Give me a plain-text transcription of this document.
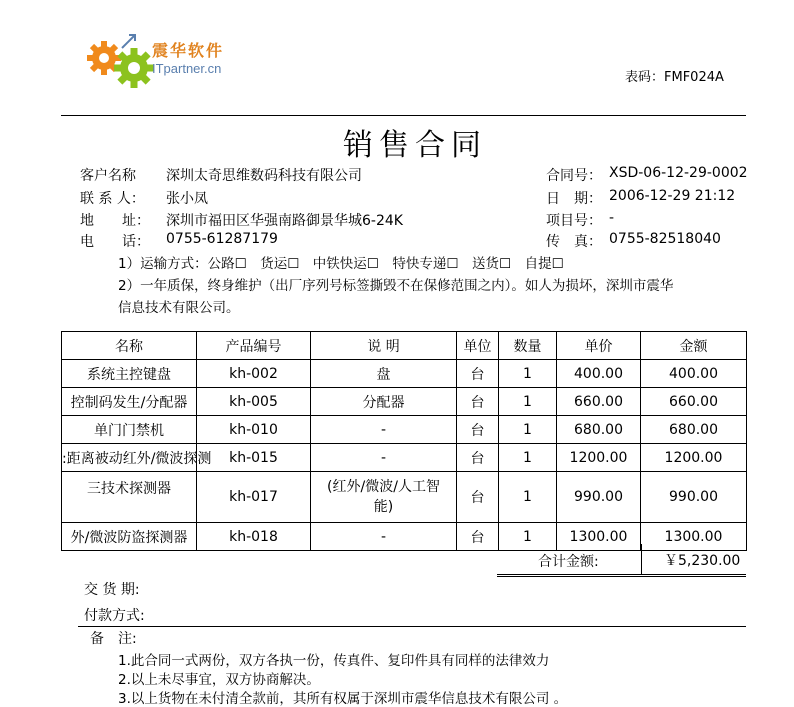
震华软件
ITpartner.cn
表码：FMF024A
销售合同
客户名称 深圳太奇思维数码科技有限公司
联 系 人： 张小凤
地　　址： 深圳市福田区华强南路御景华城6-24K
电　　话： 0755-61287179
合同号： XSD-06-12-29-0002
日　期： 2006-12-29 21:12
项目号： -
传　真： 0755-82518040
1）运输方式：公路☐　货运☐　中铁快运☐　特快专递☐　送货☐　自提☐
2）一年质保，终身维护（出厂序列号标签撕毁不在保修范围之内）。如人为损坏，深圳市震华
信息技术有限公司。
名称	产品编号	说 明	单位	数量	单价	金额
系统主控键盘	kh-002	盘	台	1	400.00	400.00
控制码发生/分配器	kh-005	分配器	台	1	660.00	660.00
单门门禁机	kh-010	-	台	1	680.00	680.00

:距离被动红外/微波探测	kh-015	-	台	1	1200.00	1200.00
三技术探测器	kh-017	(红外/微波/人工智能)	台	1	990.00	990.00
外/微波防盗探测器	kh-018	-	台	1	1300.00	1300.00
合计金额:	￥5,230.00
交 货 期:
付款方式:
备　注:
1.此合同一式两份，双方各执一份，传真件、复印件具有同样的法律效力
2.以上未尽事宜，双方协商解决。
3.以上货物在未付清全款前，其所有权属于深圳市震华信息技术有限公司 。
